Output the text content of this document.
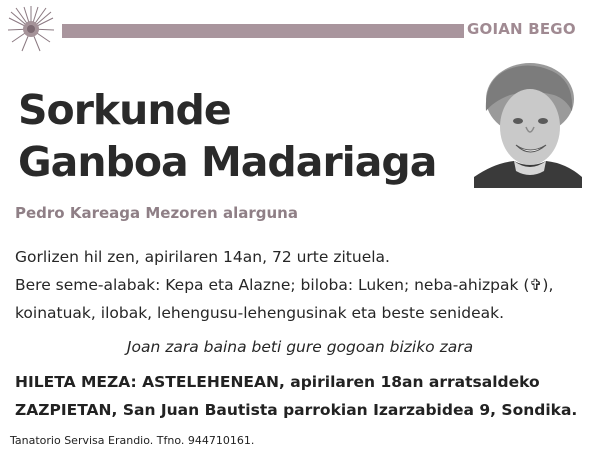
GOIAN BEGO
Sorkunde
Ganboa Madariaga
Pedro Kareaga Mezoren alarguna

Gorlizen hil zen, apirilaren 14an, 72 urte zituela.

Bere seme-alabak: Kepa eta Alazne; biloba: Luken; neba-ahizpak (✞),

koinatuak, ilobak, lehengusu-lehengusinak eta beste senideak.

Joan zara baina beti gure gogoan biziko zara
HILETA MEZA: ASTELEHENEAN, apirilaren 18an arratsaldeko
ZAZPIETAN, San Juan Bautista parrokian Izarzabidea 9, Sondika.
Tanatorio Servisa Erandio. Tfno. 944710161.
